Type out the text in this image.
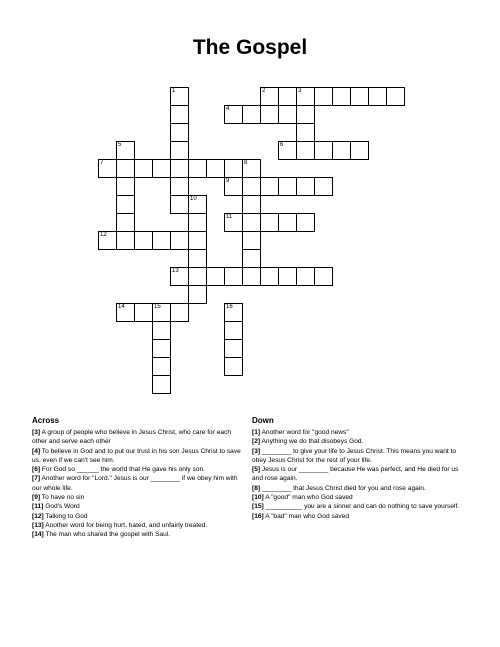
The Gospel
2	3
4
6
7
9
11
12
13
14	15
1
5
8
10
16
Across

[3] A group of people who believe in Jesus Christ, who care for each other and serve each other

[4] To believe in God and to put our trust in his son Jesus Christ to save us, even if we can't see him.

[6] For God so ______ the world that He gave his only son.

[7] Another word for "Lord." Jesus is our ________ if we obey him with our whole life.

[9] To have no sin

[11] God's Word

[12] Talking to God

[13] Another word for being hurt, hated, and unfairly treated.

[14] The man who shared the gospel with Saul.

Down

[1] Another word for "good news"

[2] Anything we do that disobeys God.

[3] ________ to give your life to Jesus Christ. This means you want to obey Jesus Christ for the rest of your life.

[5] Jesus is our ________ because He was perfect, and He died for us and rose again.

[8] ________ that Jesus Christ died for you and rose again.

[10] A "good" man who God saved

[15] __________ you are a sinner and can do nothing to save yourself.

[16] A "bad" man who God saved
